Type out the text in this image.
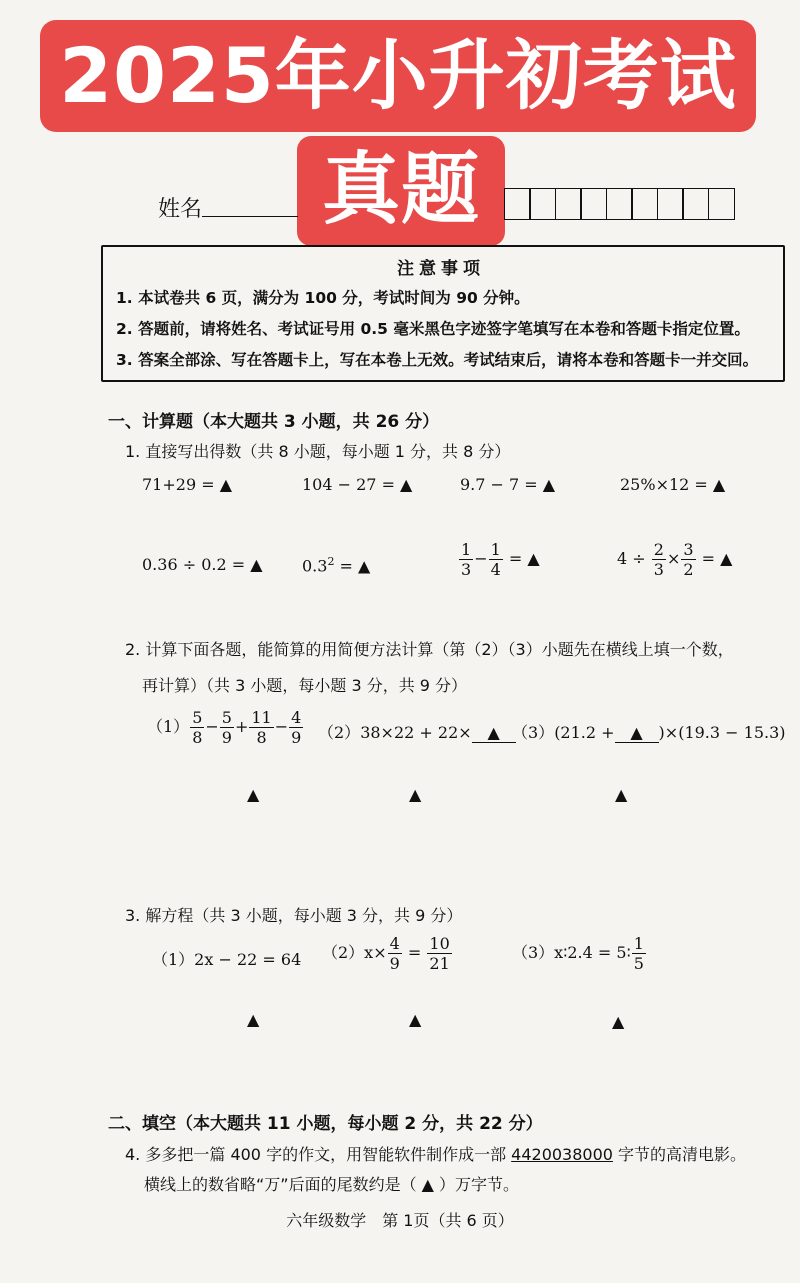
2025年小升初考试
真题
姓名
注意事项
1. 本试卷共 6 页，满分为 100 分，考试时间为 90 分钟。
2. 答题前，请将姓名、考试证号用 0.5 毫米黑色字迹签字笔填写在本卷和答题卡指定位置。
3. 答案全部涂、写在答题卡上，写在本卷上无效。考试结束后，请将本卷和答题卡一并交回。
一、计算题（本大题共 3 小题，共 26 分）
1. 直接写出得数（共 8 小题，每小题 1 分，共 8 分）
71+29 = ▲	104 − 27 = ▲	9.7 − 7 = ▲	25%×12 = ▲
0.36 ÷ 0.2 = ▲ $0.3^2$ = ▲	$\frac{1}{3} - \frac{1}{4}$ = ▲	$4 \div \frac{2}{3} \times \frac{3}{2}$ = ▲
2. 计算下面各题，能简算的用简便方法计算（第（2）（3）小题先在横线上填一个数，
再计算）（共 3 小题，每小题 3 分，共 9 分）
$(1) \frac{5}{8} - \frac{5}{9} + \frac{11}{8} - \frac{4}{9} (2)38\times 22 + 22\times$ ▲ （3）(21.2 + ▲ )×(19.3 − 15.3)
▲	▲	▲
3. 解方程（共 3 小题，每小题 3 分，共 9 分）
（1）2x − 22 = 64 $(2)x\times \frac{4}{9} = \frac{10}{21}$	（3）x∶2.4 = 5∶ $\frac{1}{5}$
▲	▲	▲
二、填空（本大题共 11 小题，每小题 2 分，共 22 分）
4. 多多把一篇 400 字的作文，用智能软件制作成一部 4420038000 字节的高清电影。
横线上的数省略“万”后面的尾数约是（ ▲ ）万字节。
六年级数学　第 1页（共 6 页）
